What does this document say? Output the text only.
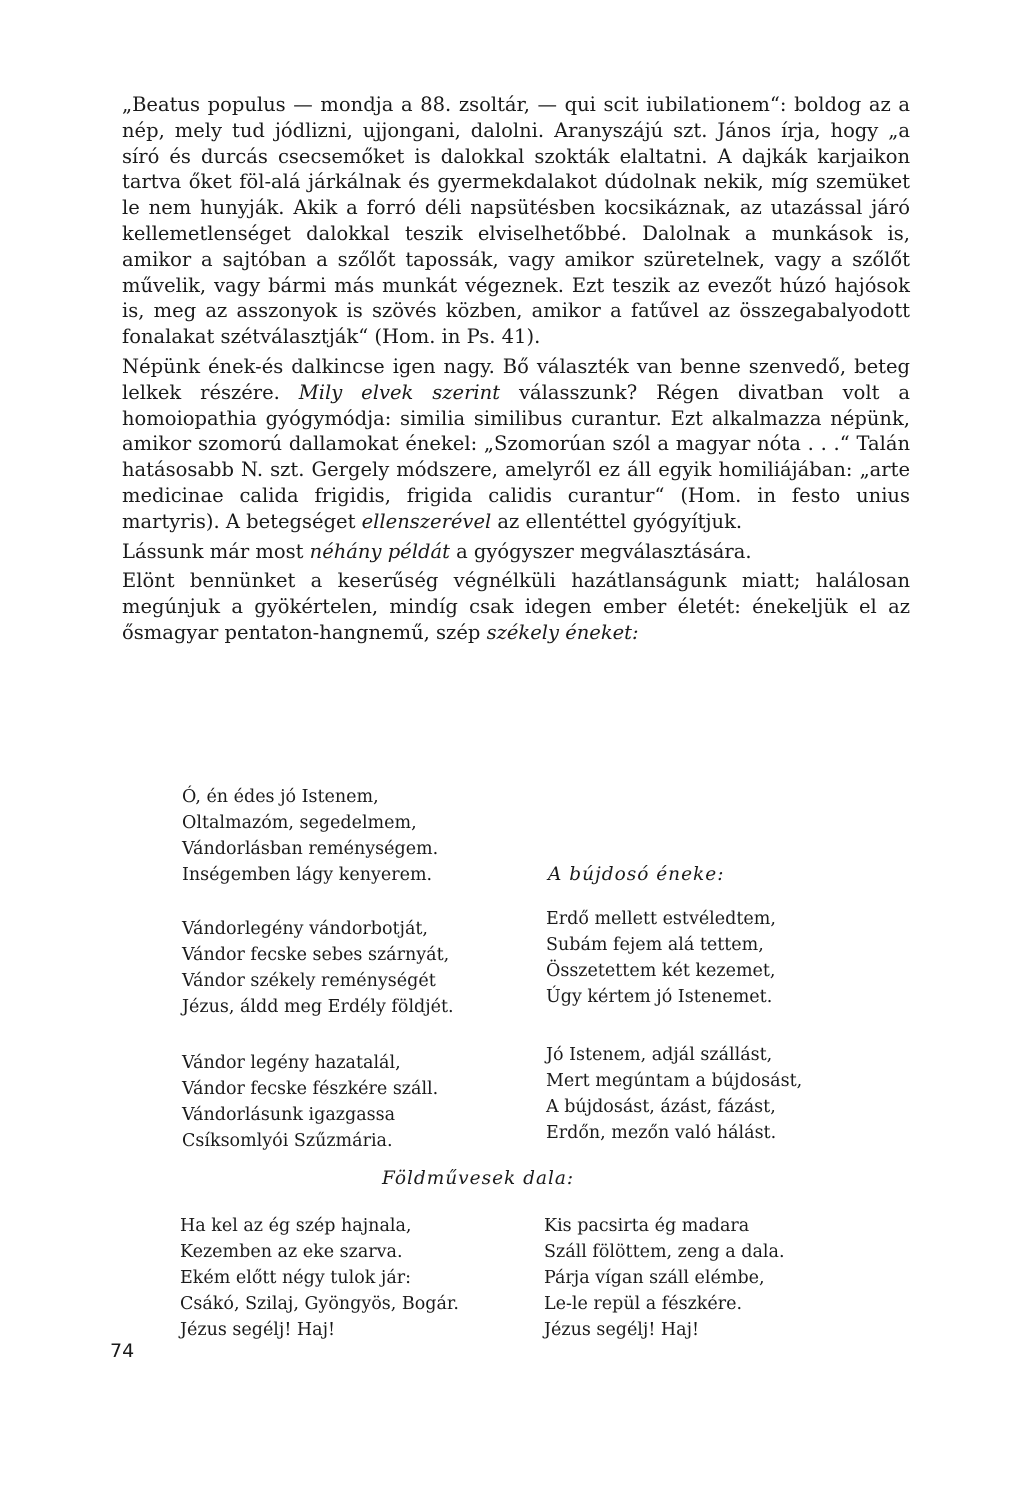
„Beatus populus — mondja a 88. zsoltár, — qui scit iubilationem“: boldog az a nép, mely tud jódlizni, ujjongani, dalolni. Aranyszájú szt. János írja, hogy „a síró és durcás csecsemőket is dalokkal szokták elaltatni. A dajkák karjaikon tartva őket föl-alá járkálnak és gyermekdalakot dúdolnak nekik, míg szemüket le nem hunyják. Akik a forró déli napsütésben kocsikáznak, az utazással járó kellemetlenséget dalokkal teszik elviselhetőbbé. Dalolnak a munkások is, amikor a sajtóban a szőlőt tapossák, vagy amikor szüretelnek, vagy a szőlőt művelik, vagy bármi más munkát végeznek. Ezt teszik az evezőt húzó hajósok is, meg az asszonyok is szövés közben, amikor a fatűvel az összegabalyodott fonalakat szétválasztják“ (Hom. in Ps. 41).

Népünk ének-és dalkincse igen nagy. Bő választék van benne szenvedő, beteg lelkek részére. Mily elvek szerint válasszunk? Régen divatban volt a homoiopathia gyógymódja: similia similibus curantur. Ezt alkalmazza népünk, amikor szomorú dallamokat énekel: „Szomorúan szól a magyar nóta . . .“ Talán hatásosabb N. szt. Gergely módszere, amelyről ez áll egyik homiliájában: „arte medicinae calida frigidis, frigida calidis curantur“ (Hom. in festo unius martyris). A betegséget ellenszerével az ellentéttel gyógyítjuk.

Lássunk már most néhány példát a gyógyszer megválasztására.

Elönt bennünket a keserűség végnélküli hazátlanságunk miatt; halálosan megúnjuk a gyökértelen, mindíg csak idegen ember életét: énekeljük el az ősmagyar pentaton-hangnemű, szép székely éneket:

Ó, én édes jó Istenem,
Oltalmazóm, segedelmem,
Vándorlásban reménységem.
Inségemben lágy kenyerem.
Vándorlegény vándorbotját,
Vándor fecske sebes szárnyát,
Vándor székely reménységét
Jézus, áldd meg Erdély földjét.
Vándor legény hazatalál,
Vándor fecske fészkére száll.
Vándorlásunk igazgassa
Csíksomlyói Szűzmária.
A bújdosó éneke:
Erdő mellett estvéledtem,
Subám fejem alá tettem,
Összetettem két kezemet,
Úgy kértem jó Istenemet.
Jó Istenem, adjál szállást,
Mert megúntam a bújdosást,
A bújdosást, ázást, fázást,
Erdőn, mezőn való hálást.
Földművesek dala:
Ha kel az ég szép hajnala,
Kezemben az eke szarva.
Ekém előtt négy tulok jár:
Csákó, Szilaj, Gyöngyös, Bogár.
Jézus segélj! Haj!
Kis pacsirta ég madara
Száll fölöttem, zeng a dala.
Párja vígan száll elémbe,
Le-le repül a fészkére.
Jézus segélj! Haj!
74
